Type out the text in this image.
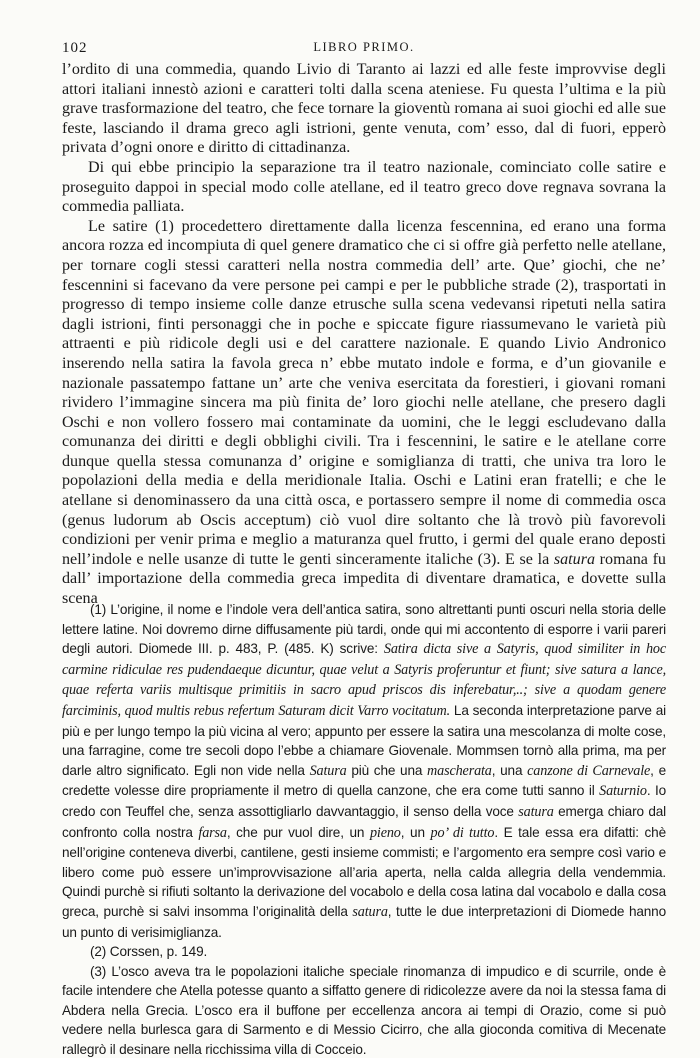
102	LIBRO PRIMO.

l’ordito di una commedia, quando Livio di Taranto ai lazzi ed alle feste improvvise degli attori italiani innestò azioni e caratteri tolti dalla scena ateniese. Fu questa l’ultima e la più grave trasformazione del teatro, che fece tornare la gioventù romana ai suoi giochi ed alle sue feste, lasciando il drama greco agli istrioni, gente venuta, com’ esso, dal di fuori, epperò privata d’ogni onore e diritto di cittadinanza.

Di qui ebbe principio la separazione tra il teatro nazionale, cominciato colle satire e proseguito dappoi in special modo colle atellane, ed il teatro greco dove regnava sovrana la commedia palliata.

Le satire (1) procedettero direttamente dalla licenza fescennina, ed erano una forma ancora rozza ed incompiuta di quel genere dramatico che ci si offre già perfetto nelle atellane, per tornare cogli stessi caratteri nella nostra commedia dell’ arte. Que’ giochi, che ne’ fescennini si facevano da vere persone pei campi e per le pubbliche strade (2), trasportati in progresso di tempo insieme colle danze etrusche sulla scena vedevansi ripetuti nella satira dagli istrioni, finti personaggi che in poche e spiccate figure riassumevano le varietà più attraenti e più ridicole degli usi e del carattere nazionale. E quando Livio Andronico inserendo nella satira la favola greca n’ ebbe mutato indole e forma, e d’un giovanile e nazionale passatempo fattane un’ arte che veniva esercitata da forestieri, i giovani romani rividero l’immagine sincera ma più finita de’ loro giochi nelle atellane, che presero dagli Oschi e non vollero fossero mai contaminate da uomini, che le leggi escludevano dalla comunanza dei diritti e degli obblighi civili. Tra i fescennini, le satire e le atellane corre dunque quella stessa comunanza d’ origine e somiglianza di tratti, che univa tra loro le popolazioni della media e della meridionale Italia. Oschi e Latini eran fratelli; e che le atellane si denominassero da una città osca, e portassero sempre il nome di commedia osca (genus ludorum ab Oscis acceptum) ciò vuol dire soltanto che là trovò più favorevoli condizioni per venir prima e meglio a maturanza quel frutto, i germi del quale erano deposti nell’indole e nelle usanze di tutte le genti sinceramente italiche (3). E se la satura romana fu dall’ importazione della commedia greca impedita di diventare dramatica, e dovette sulla scena

(1) L’origine, il nome e l’indole vera dell’antica satira, sono altrettanti punti oscuri nella storia delle lettere latine. Noi dovremo dirne diffusamente più tardi, onde qui mi accontento di esporre i varii pareri degli autori. Diomede III. p. 483, P. (485. K) scrive: Satira dicta sive a Satyris, quod similiter in hoc carmine ridiculae res pudendaeque dicuntur, quae velut a Satyris proferuntur et fiunt; sive satura a lance, quae referta variis multisque primitiis in sacro apud priscos dis inferebatur,..; sive a quodam genere farciminis, quod multis rebus refertum Saturam dicit Varro vocitatum. La seconda interpretazione parve ai più e per lungo tempo la più vicina al vero; appunto per essere la satira una mescolanza di molte cose, una farragine, come tre secoli dopo l’ebbe a chiamare Giovenale. Mommsen tornò alla prima, ma per darle altro significato. Egli non vide nella Satura più che una mascherata, una canzone di Carnevale, e credette volesse dire propriamente il metro di quella canzone, che era come tutti sanno il Saturnio. Io credo con Teuffel che, senza assottigliarlo davvantaggio, il senso della voce satura emerga chiaro dal confronto colla nostra farsa, che pur vuol dire, un pieno, un po’ di tutto. E tale essa era difatti: chè nell’origine conteneva diverbi, cantilene, gesti insieme commisti; e l’argomento era sempre così vario e libero come può essere un’improvvisazione all’aria aperta, nella calda allegria della vendemmia. Quindi purchè si rifiuti soltanto la derivazione del vocabolo e della cosa latina dal vocabolo e dalla cosa greca, purchè si salvi insomma l’originalità della satura, tutte le due interpretazioni di Diomede hanno un punto di verisimiglianza.

(2) Corssen, p. 149.

(3) L’osco aveva tra le popolazioni italiche speciale rinomanza di impudico e di scurrile, onde è facile intendere che Atella potesse quanto a siffatto genere di ridicolezze avere da noi la stessa fama di Abdera nella Grecia. L’osco era il buffone per eccellenza ancora ai tempi di Orazio, come si può vedere nella burlesca gara di Sarmento e di Messio Cicirro, che alla gioconda comitiva di Mecenate rallegrò il desinare nella ricchissima villa di Cocceio.
